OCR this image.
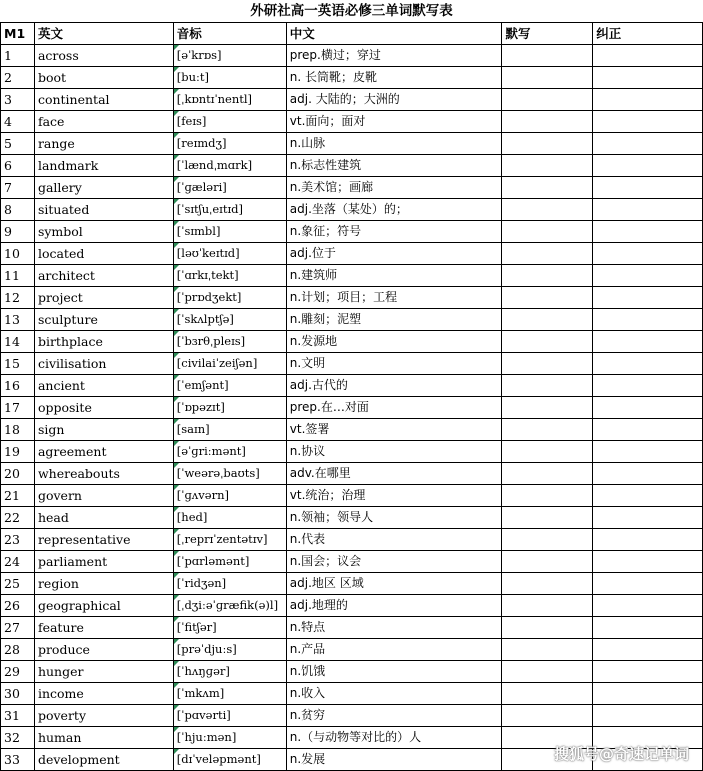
外研社高一英语必修三单词默写表
M1	英文	音标	中文	默写	纠正
1	across	[əˈkrɒs]	prep.横过；穿过		
2	boot	[buːt]	n. 长筒靴；皮靴		
3	continental	[ˌkɒntɪˈnentl]	adj. 大陆的；大洲的		
4	face	[feɪs]	vt.面向；面对		
5	range	[reɪmdʒ]	n.山脉		
6	landmark	[ˈlændˌmɑrk]	n.标志性建筑		
7	gallery	[ˈɡæləri]	n.美术馆；画廊		
8	situated	[ˈsɪtʃuˌeɪtɪd]	adj.坐落（某处）的；		
9	symbol	[ˈsɪmbl]	n.象征；符号		
10	located	[ləʊˈkeɪtɪd]	adj.位于		
11	architect	[ˈɑrkɪˌtekt]	n.建筑师		
12	project	[ˈprɒdʒekt]	n.计划；项目；工程		
13	sculpture	[ˈskʌlptʃə]	n.雕刻；泥塑		
14	birthplace	[ˈbɜrθˌpleɪs]	n.发源地		
15	civilisation	[civilaiˈzeiʃən]	n.文明		
16	ancient	[ˈemʃənt]	adj.古代的		
17	opposite	[ˈɒpəzɪt]	prep.在…对面		
18	sign	[saɪn]	vt.签署		
19	agreement	[əˈɡriːmənt]	n.协议		
20	whereabouts	[ˈweərəˌbaʊts]	adv.在哪里		
21	govern	[ˈɡʌvərn]	vt.统治；治理		
22	head	[hed]	n.领袖；领导人		
23	representative	[ˌreprɪˈzentətɪv]	n.代表		
24	parliament	[ˈpɑrləmənt]	n.国会；议会		
25	region	[ˈridʒən]	adj.地区 区域		
26	geographical	[ˌdʒiːəˈɡræfik(ə)l]	adj.地理的		
27	feature	[ˈfitʃər]	n.特点		
28	produce	[prəˈdjuːs]	n.产品		
29	hunger	[ˈhʌŋɡər]	n.饥饿		
30	income	[ˈmkʌm]	n.收入		
31	poverty	[ˈpɑvərti]	n.贫穷		
32	human	[ˈhjuːmən]	n.（与动物等对比的）人		
33	development	[dɪˈveləpmənt]	n.发展			搜狐号@奇速记单词
